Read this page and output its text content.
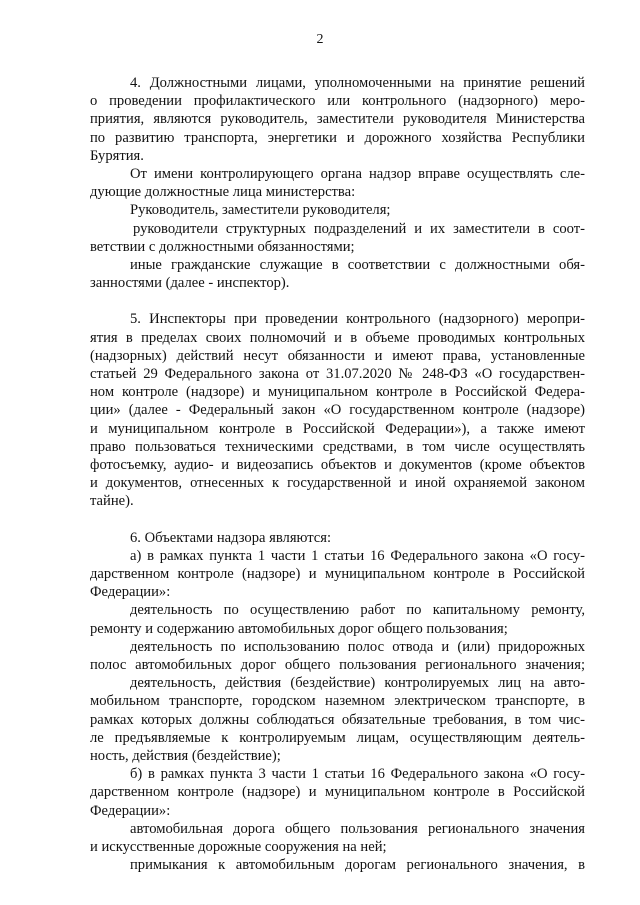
2
4. Должностными лицами, уполномоченными на принятие решений
о проведении профилактического или контрольного (надзорного) меро-
приятия, являются руководитель, заместители руководителя Министерства
по развитию транспорта, энергетики и дорожного хозяйства Республики
Бурятия.
От имени контролирующего органа надзор вправе осуществлять сле-
дующие должностные лица министерства:
Руководитель, заместители руководителя;
руководители структурных подразделений и их заместители в соот-
ветствии с должностными обязанностями;
иные гражданские служащие в соответствии с должностными обя-
занностями (далее - инспектор).
5. Инспекторы при проведении контрольного (надзорного) меропри-
ятия в пределах своих полномочий и в объеме проводимых контрольных
(надзорных) действий несут обязанности и имеют права, установленные
статьей 29 Федерального закона от 31.07.2020 № 248-ФЗ «О государствен-
ном контроле (надзоре) и муниципальном контроле в Российской Федера-
ции» (далее - Федеральный закон «О государственном контроле (надзоре)
и муниципальном контроле в Российской Федерации»), а также имеют
право пользоваться техническими средствами, в том числе осуществлять
фотосъемку, аудио- и видеозапись объектов и документов (кроме объектов
и документов, отнесенных к государственной и иной охраняемой законом
тайне).
6. Объектами надзора являются:
а) в рамках пункта 1 части 1 статьи 16 Федерального закона «О госу-
дарственном контроле (надзоре) и муниципальном контроле в Российской
Федерации»:
деятельность по осуществлению работ по капитальному ремонту,
ремонту и содержанию автомобильных дорог общего пользования;
деятельность по использованию полос отвода и (или) придорожных
полос автомобильных дорог общего пользования регионального значения;
деятельность, действия (бездействие) контролируемых лиц на авто-
мобильном транспорте, городском наземном электрическом транспорте, в
рамках которых должны соблюдаться обязательные требования, в том чис-
ле предъявляемые к контролируемым лицам, осуществляющим деятель-
ность, действия (бездействие);
б) в рамках пункта 3 части 1 статьи 16 Федерального закона «О госу-
дарственном контроле (надзоре) и муниципальном контроле в Российской
Федерации»:
автомобильная дорога общего пользования регионального значения
и искусственные дорожные сооружения на ней;
примыкания к автомобильным дорогам регионального значения, в
